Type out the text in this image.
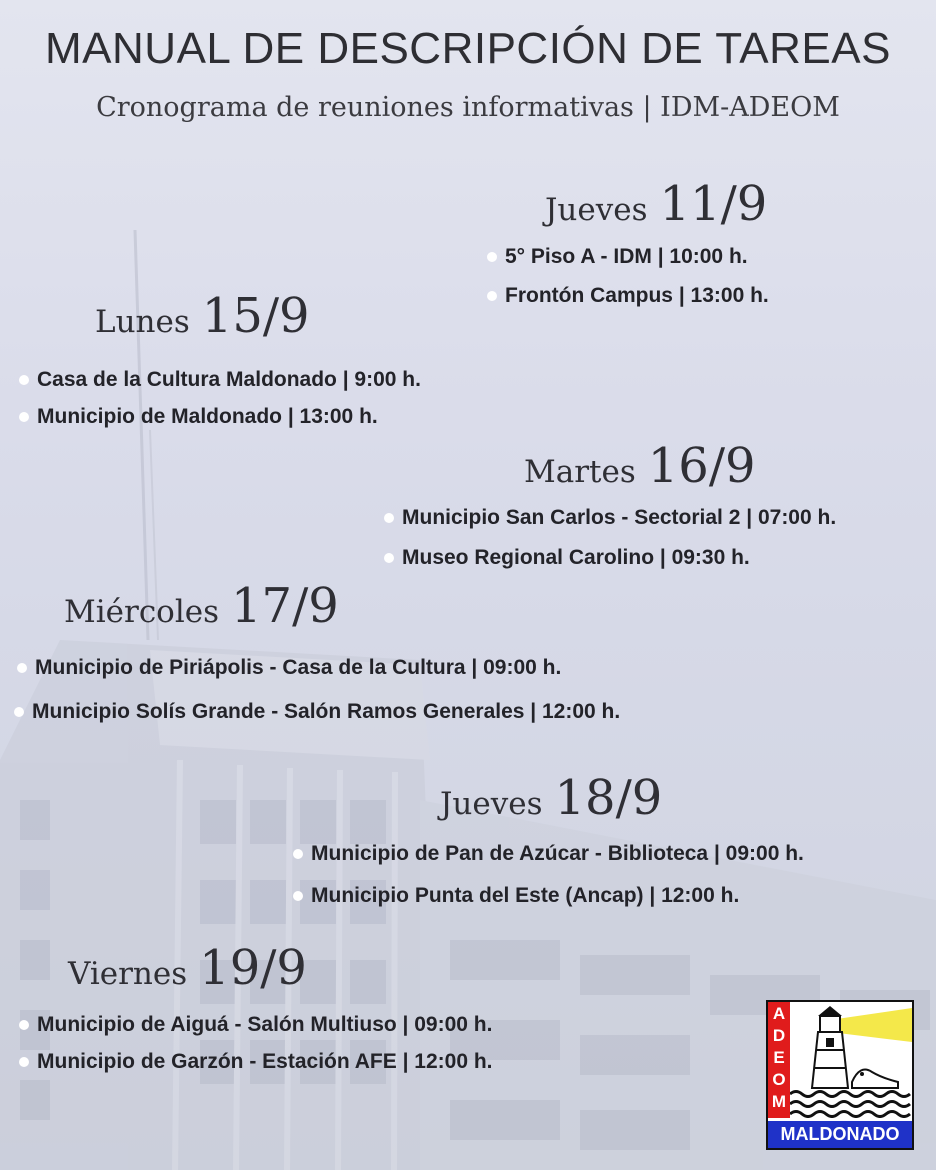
MANUAL DE DESCRIPCIÓN DE TAREAS
Cronograma de reuniones informativas | IDM-ADEOM
Jueves 11/9
5° Piso A - IDM | 10:00 h.
Frontón Campus | 13:00 h.
Lunes 15/9
Casa de la Cultura Maldonado | 9:00 h.
Municipio de Maldonado | 13:00 h.
Martes 16/9
Municipio San Carlos - Sectorial 2 | 07:00 h.
Museo Regional Carolino | 09:30 h.
Miércoles 17/9
Municipio de Piriápolis - Casa de la Cultura | 09:00 h.
Municipio Solís Grande - Salón Ramos Generales | 12:00 h.
Jueves 18/9
Municipio de Pan de Azúcar - Biblioteca | 09:00 h.
Municipio Punta del Este (Ancap) | 12:00 h.
Viernes 19/9
Municipio de Aiguá - Salón Multiuso | 09:00 h.
Municipio de Garzón - Estación AFE | 12:00 h.
A
D
E
O
M
MALDONADO
